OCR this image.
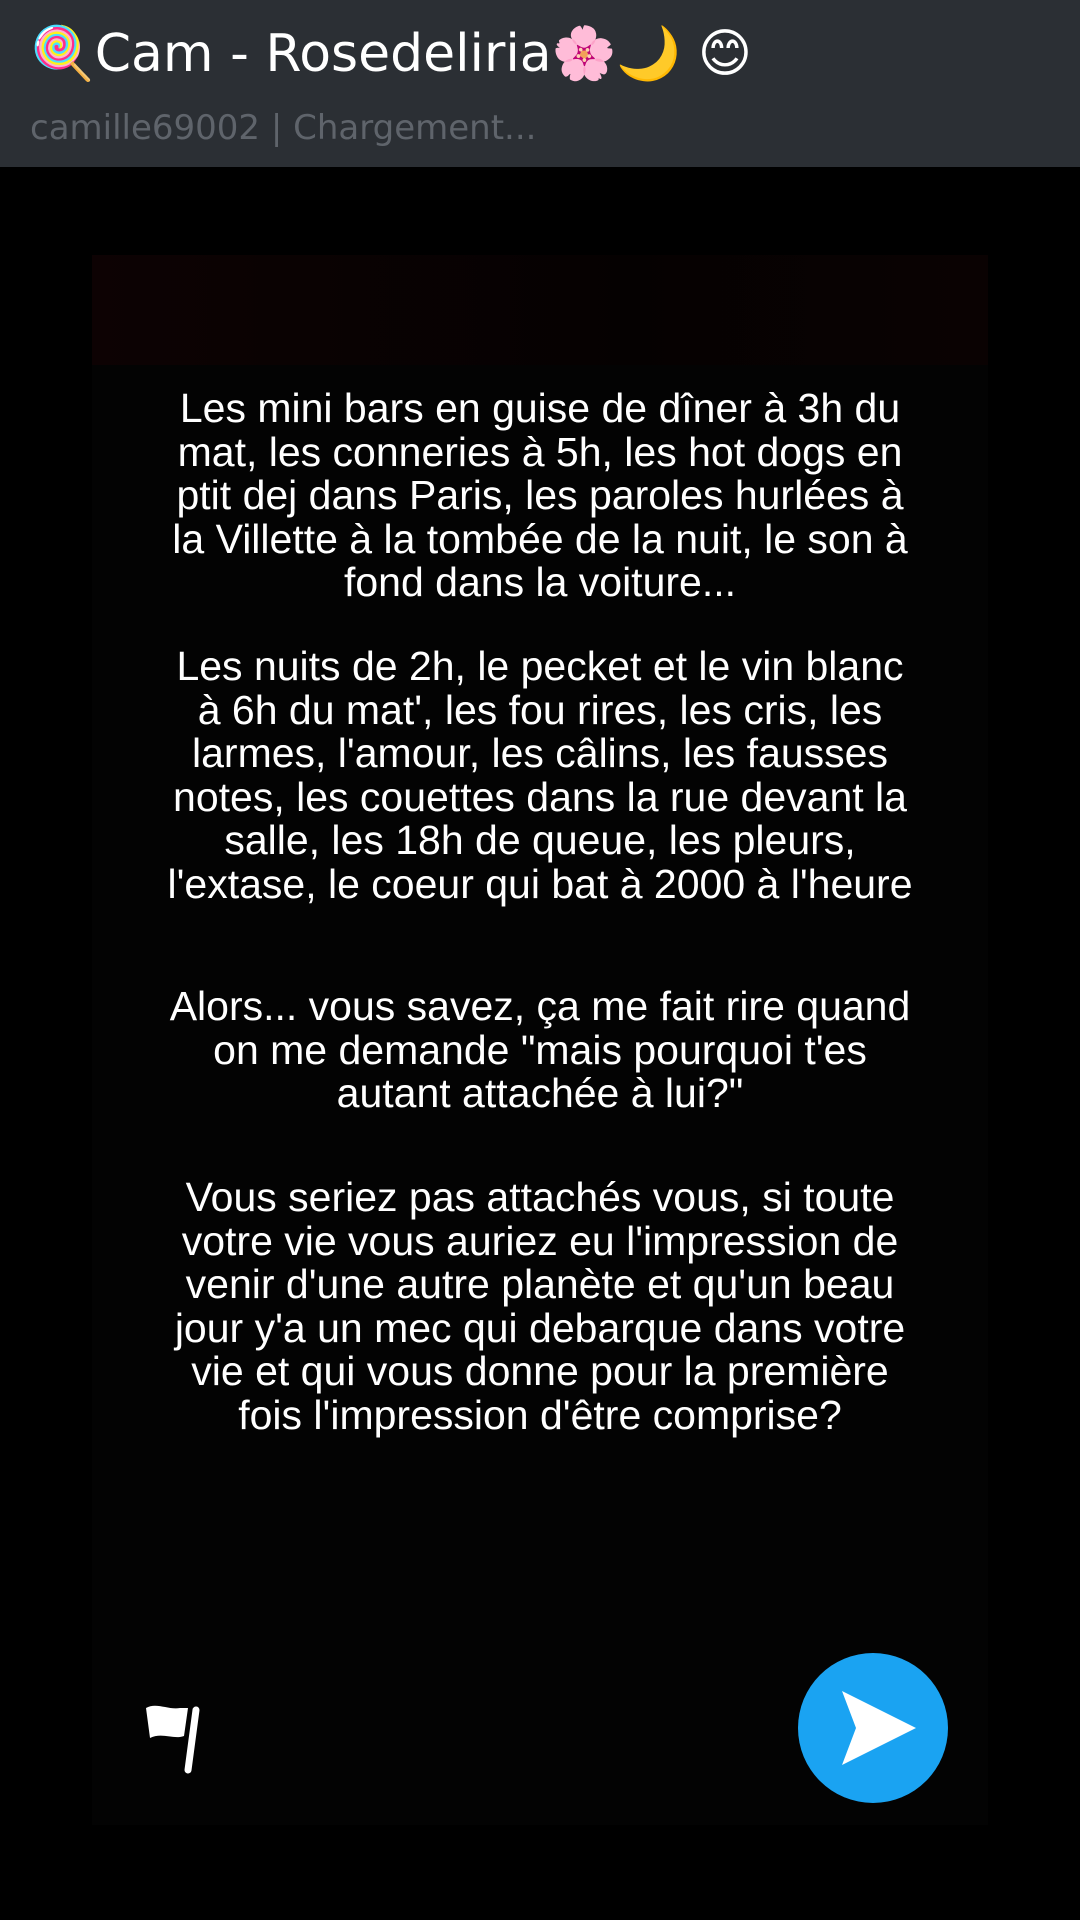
🍭Cam - Rosedeliria🌸🌙 😊
camille69002 | Chargement...
Les mini bars en guise de dîner à 3h du
mat, les conneries à 5h, les hot dogs en
ptit dej dans Paris, les paroles hurlées à
la Villette à la tombée de la nuit, le son à
fond dans la voiture...
Les nuits de 2h, le pecket et le vin blanc
à 6h du mat', les fou rires, les cris, les
larmes, l'amour, les câlins, les fausses
notes, les couettes dans la rue devant la
salle, les 18h de queue, les pleurs,
l'extase, le coeur qui bat à 2000 à l'heure
Alors... vous savez, ça me fait rire quand
on me demande "mais pourquoi t'es
autant attachée à lui?"
Vous seriez pas attachés vous, si toute
votre vie vous auriez eu l'impression de
venir d'une autre planète et qu'un beau
jour y'a un mec qui debarque dans votre
vie et qui vous donne pour la première
fois l'impression d'être comprise?
